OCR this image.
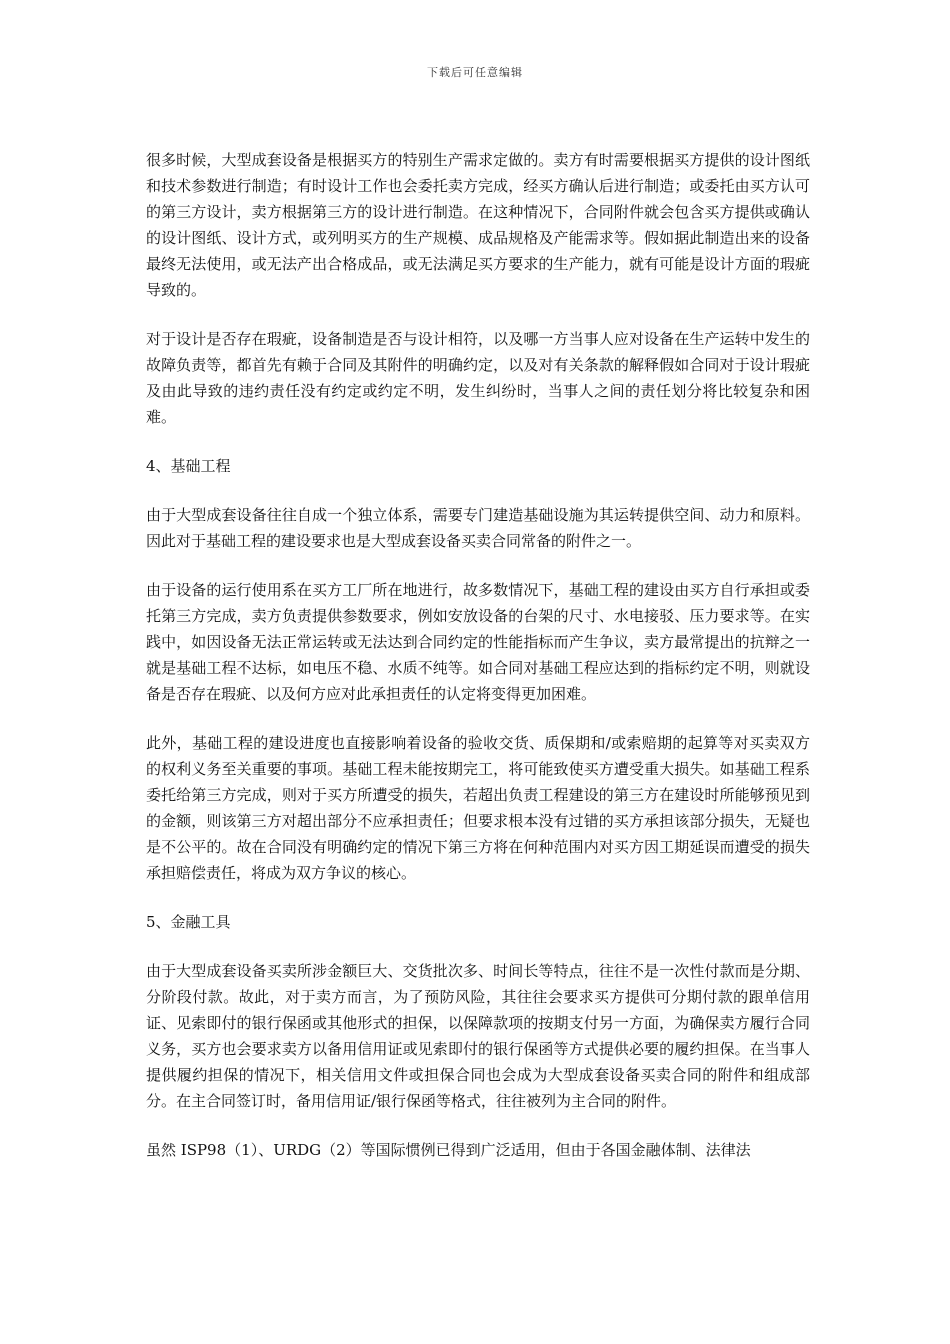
下载后可任意编辑

很多时候，大型成套设备是根据买方的特别生产需求定做的。卖方有时需要根据买方提供的设计图纸和技术参数进行制造；有时设计工作也会委托卖方完成，经买方确认后进行制造；或委托由买方认可的第三方设计，卖方根据第三方的设计进行制造。在这种情况下，合同附件就会包含买方提供或确认的设计图纸、设计方式，或列明买方的生产规模、成品规格及产能需求等。假如据此制造出来的设备最终无法使用，或无法产出合格成品，或无法满足买方要求的生产能力，就有可能是设计方面的瑕疵导致的。

对于设计是否存在瑕疵，设备制造是否与设计相符，以及哪一方当事人应对设备在生产运转中发生的故障负责等，都首先有赖于合同及其附件的明确约定，以及对有关条款的解释假如合同对于设计瑕疵及由此导致的违约责任没有约定或约定不明，发生纠纷时，当事人之间的责任划分将比较复杂和困难。

4、基础工程

由于大型成套设备往往自成一个独立体系，需要专门建造基础设施为其运转提供空间、动力和原料。因此对于基础工程的建设要求也是大型成套设备买卖合同常备的附件之一。

由于设备的运行使用系在买方工厂所在地进行，故多数情况下，基础工程的建设由买方自行承担或委托第三方完成，卖方负责提供参数要求，例如安放设备的台架的尺寸、水电接驳、压力要求等。在实践中，如因设备无法正常运转或无法达到合同约定的性能指标而产生争议，卖方最常提出的抗辩之一就是基础工程不达标，如电压不稳、水质不纯等。如合同对基础工程应达到的指标约定不明，则就设备是否存在瑕疵、以及何方应对此承担责任的认定将变得更加困难。

此外，基础工程的建设进度也直接影响着设备的验收交货、质保期和/或索赔期的起算等对买卖双方的权利义务至关重要的事项。基础工程未能按期完工，将可能致使买方遭受重大损失。如基础工程系委托给第三方完成，则对于买方所遭受的损失，若超出负责工程建设的第三方在建设时所能够预见到的金额，则该第三方对超出部分不应承担责任；但要求根本没有过错的买方承担该部分损失，无疑也是不公平的。故在合同没有明确约定的情况下第三方将在何种范围内对买方因工期延误而遭受的损失承担赔偿责任，将成为双方争议的核心。

5、金融工具

由于大型成套设备买卖所涉金额巨大、交货批次多、时间长等特点，往往不是一次性付款而是分期、分阶段付款。故此，对于卖方而言，为了预防风险，其往往会要求买方提供可分期付款的跟单信用证、见索即付的银行保函或其他形式的担保，以保障款项的按期支付另一方面，为确保卖方履行合同义务，买方也会要求卖方以备用信用证或见索即付的银行保函等方式提供必要的履约担保。在当事人提供履约担保的情况下，相关信用文件或担保合同也会成为大型成套设备买卖合同的附件和组成部分。在主合同签订时，备用信用证/银行保函等格式，往往被列为主合同的附件。

虽然 ISP98（1）、URDG（2）等国际惯例已得到广泛适用，但由于各国金融体制、法律法
